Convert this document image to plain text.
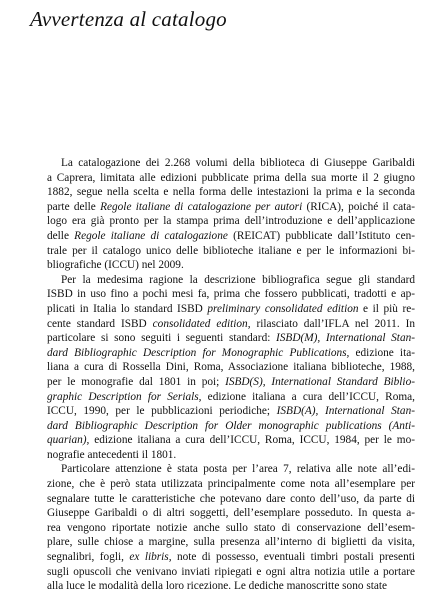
Avvertenza al catalogo
La catalogazione dei 2.268 volumi della biblioteca di Giuseppe Garibaldi
a Caprera, limitata alle edizioni pubblicate prima della sua morte il 2 giugno
1882, segue nella scelta e nella forma delle intestazioni la prima e la seconda
parte delle Regole italiane di catalogazione per autori (RICA), poiché il cata-
logo era già pronto per la stampa prima dell’introduzione e dell’applicazione
delle Regole italiane di catalogazione (REICAT) pubblicate dall’Istituto cen-
trale per il catalogo unico delle biblioteche italiane e per le informazioni bi-
bliografiche (ICCU) nel 2009.
Per la medesima ragione la descrizione bibliografica segue gli standard
ISBD in uso fino a pochi mesi fa, prima che fossero pubblicati, tradotti e ap-
plicati in Italia lo standard ISBD preliminary consolidated edition e il più re-
cente standard ISBD consolidated edition, rilasciato dall’IFLA nel 2011. In
particolare si sono seguiti i seguenti standard: ISBD(M), International Stan-
dard Bibliographic Description for Monographic Publications, edizione ita-
liana a cura di Rossella Dini, Roma, Associazione italiana biblioteche, 1988,
per le monografie dal 1801 in poi; ISBD(S), International Standard Biblio-
graphic Description for Serials, edizione italiana a cura dell’ICCU, Roma,
ICCU, 1990, per le pubblicazioni periodiche; ISBD(A), International Stan-
dard Bibliographic Description for Older monographic publications (Anti-
quarian), edizione italiana a cura dell’ICCU, Roma, ICCU, 1984, per le mo-
nografie antecedenti il 1801.
Particolare attenzione è stata posta per l’area 7, relativa alle note all’edi-
zione, che è però stata utilizzata principalmente come nota all’esemplare per
segnalare tutte le caratteristiche che potevano dare conto dell’uso, da parte di
Giuseppe Garibaldi o di altri soggetti, dell’esemplare posseduto. In questa a-
rea vengono riportate notizie anche sullo stato di conservazione dell’esem-
plare, sulle chiose a margine, sulla presenza all’interno di biglietti da visita,
segnalibri, fogli, ex libris, note di possesso, eventuali timbri postali presenti
sugli opuscoli che venivano inviati ripiegati e ogni altra notizia utile a portare
alla luce le modalità della loro ricezione. Le dediche manoscritte sono state
